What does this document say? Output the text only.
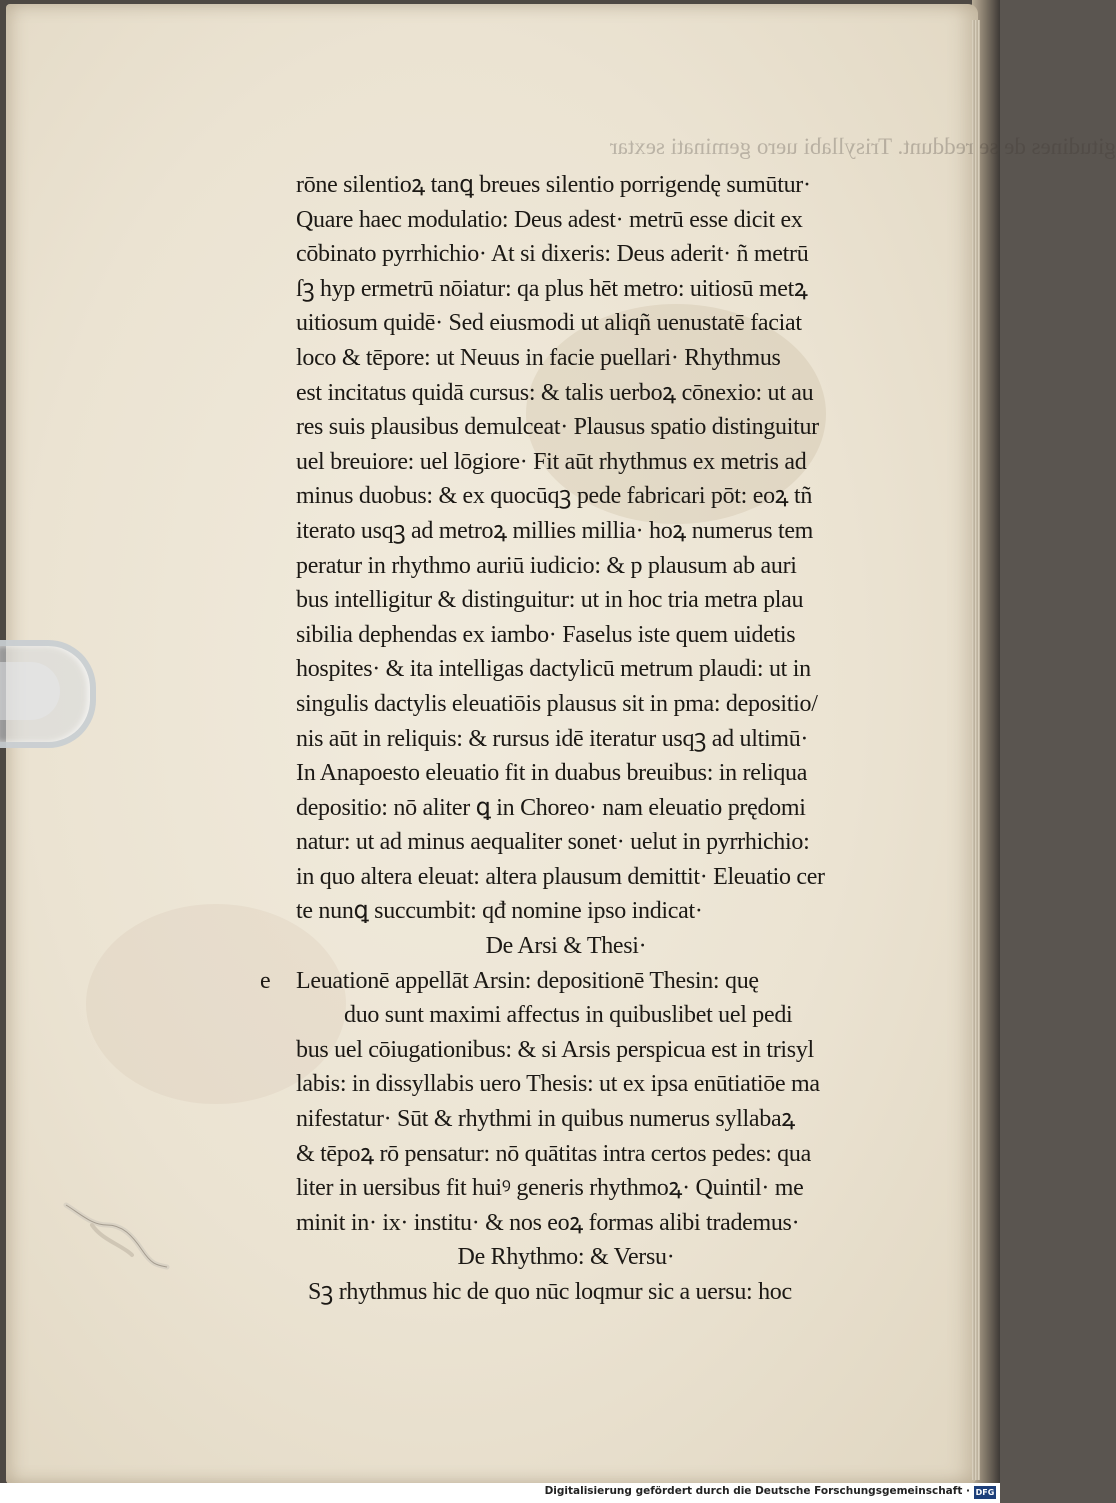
gitudines de se reddunt. Trisyllabi uero geminati sextar
rōne silentioꝝ tanꝗ breues silentio porrigendę sumūtur·
Quare haec modulatio: Deus adest· metrū esse dicit ex
cōbinato pyrrhichio· At si dixeris: Deus aderit· ñ metrū
ſꝫ hyp ermetrū nōiatur: qa plus hēt metro: uitiosū metꝝ
uitiosum quidē· Sed eiusmodi ut aliqñ uenustatē faciat
loco & tēpore: ut Neuus in facie puellari· Rhythmus
est incitatus quidā cursus: & talis uerboꝝ cōnexio: ut au
res suis plausibus demulceat· Plausus spatio distinguitur
uel breuiore: uel lōgiore· Fit aūt rhythmus ex metris ad
minus duobus: & ex quocūqꝫ pede fabricari pōt: eoꝝ tñ
iterato usqꝫ ad metroꝝ millies millia· hoꝝ numerus tem
peratur in rhythmo auriū iudicio: & p plausum ab auri
bus intelligitur & distinguitur: ut in hoc tria metra plau
sibilia dephendas ex iambo· Faselus iste quem uidetis
hospites· & ita intelligas dactylicū metrum plaudi: ut in
singulis dactylis eleuatiōis plausus sit in pma: depositio/
nis aūt in reliquis: & rursus idē iteratur usqꝫ ad ultimū·
In Anapoesto eleuatio fit in duabus breuibus: in reliqua
depositio: nō aliter ꝗ in Choreo· nam eleuatio prędomi
natur: ut ad minus aequaliter sonet· uelut in pyrrhichio:
in quo altera eleuat: altera plausum demittit· Eleuatio cer
te nunꝗ succumbit: qđ nomine ipso indicat·
De Arsi & Thesi·
e Leuationē appellāt Arsin: depositionē Thesin: quę
duo sunt maximi affectus in quibuslibet uel pedi
bus uel cōiugationibus: & si Arsis perspicua est in trisyl
labis: in dissyllabis uero Thesis: ut ex ipsa enūtiatiōe ma
nifestatur· Sūt & rhythmi in quibus numerus syllabaꝝ
& tēpoꝝ rō pensatur: nō quātitas intra certos pedes: qua
liter in uersibus fit huiꝰ generis rhythmoꝝ· Quintil· me
minit in· ix· institu· & nos eoꝝ formas alibi trademus·
De Rhythmo: & Versu·
Sꝫ rhythmus hic de quo nūc loqmur sic a uersu: hoc
Digitalisierung gefördert durch die Deutsche Forschungsgemeinschaft · DFG
